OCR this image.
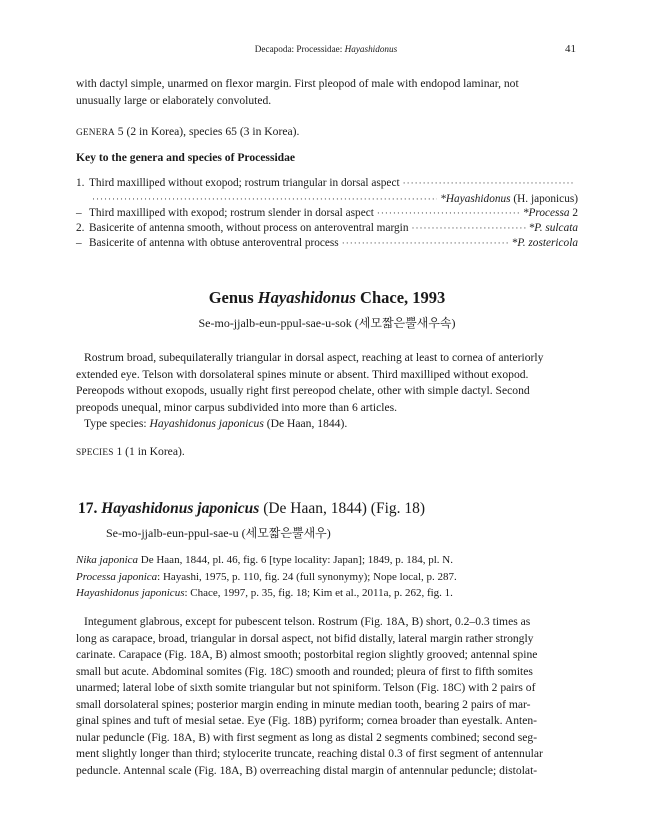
Decapoda: Processidae: Hayashidonus	41
with dactyl simple, unarmed on flexor margin. First pleopod of male with endopod laminar, not
unusually large or elaborately convoluted.
GENERA 5 (2 in Korea), species 65 (3 in Korea).
Key to the genera and species of Processidae
1. Third maxilliped without exopod; rostrum triangular in dorsal aspect
·····
·····
*Hayashidonus (H. japonicus)
– Third maxilliped with exopod; rostrum slender in dorsal aspect ·····	*Processa 2
2. Basicerite of antenna smooth, without process on anteroventral margin ·····	*P. sulcata
– Basicerite of antenna with obtuse anteroventral process ·····	*P. zostericola
Genus Hayashidonus Chace, 1993
Se-mo-jjalb-eun-ppul-sae-u-sok (세모짧은뿔새우속)
Rostrum broad, subequilaterally triangular in dorsal aspect, reaching at least to cornea of anteriorly
extended eye. Telson with dorsolateral spines minute or absent. Third maxilliped without exopod.
Pereopods without exopods, usually right first pereopod chelate, other with simple dactyl. Second
preopods unequal, minor carpus subdivided into more than 6 articles.
Type species: Hayashidonus japonicus (De Haan, 1844).
SPECIES 1 (1 in Korea).
17. Hayashidonus japonicus (De Haan, 1844) (Fig. 18)
Se-mo-jjalb-eun-ppul-sae-u (세모짧은뿔새우)
Nika japonica De Haan, 1844, pl. 46, fig. 6 [type locality: Japan]; 1849, p. 184, pl. N.
Processa japonica: Hayashi, 1975, p. 110, fig. 24 (full synonymy); Nope local, p. 287.
Hayashidonus japonicus: Chace, 1997, p. 35, fig. 18; Kim et al., 2011a, p. 262, fig. 1.
Integument glabrous, except for pubescent telson. Rostrum (Fig. 18A, B) short, 0.2–0.3 times as
long as carapace, broad, triangular in dorsal aspect, not bifid distally, lateral margin rather strongly
carinate. Carapace (Fig. 18A, B) almost smooth; postorbital region slightly grooved; antennal spine
small but acute. Abdominal somites (Fig. 18C) smooth and rounded; pleura of first to fifth somites
unarmed; lateral lobe of sixth somite triangular but not spiniform. Telson (Fig. 18C) with 2 pairs of
small dorsolateral spines; posterior margin ending in minute median tooth, bearing 2 pairs of mar-
ginal spines and tuft of mesial setae. Eye (Fig. 18B) pyriform; cornea broader than eyestalk. Anten-
nular peduncle (Fig. 18A, B) with first segment as long as distal 2 segments combined; second seg-
ment slightly longer than third; stylocerite truncate, reaching distal 0.3 of first segment of antennular
peduncle. Antennal scale (Fig. 18A, B) overreaching distal margin of antennular peduncle; distolat-
